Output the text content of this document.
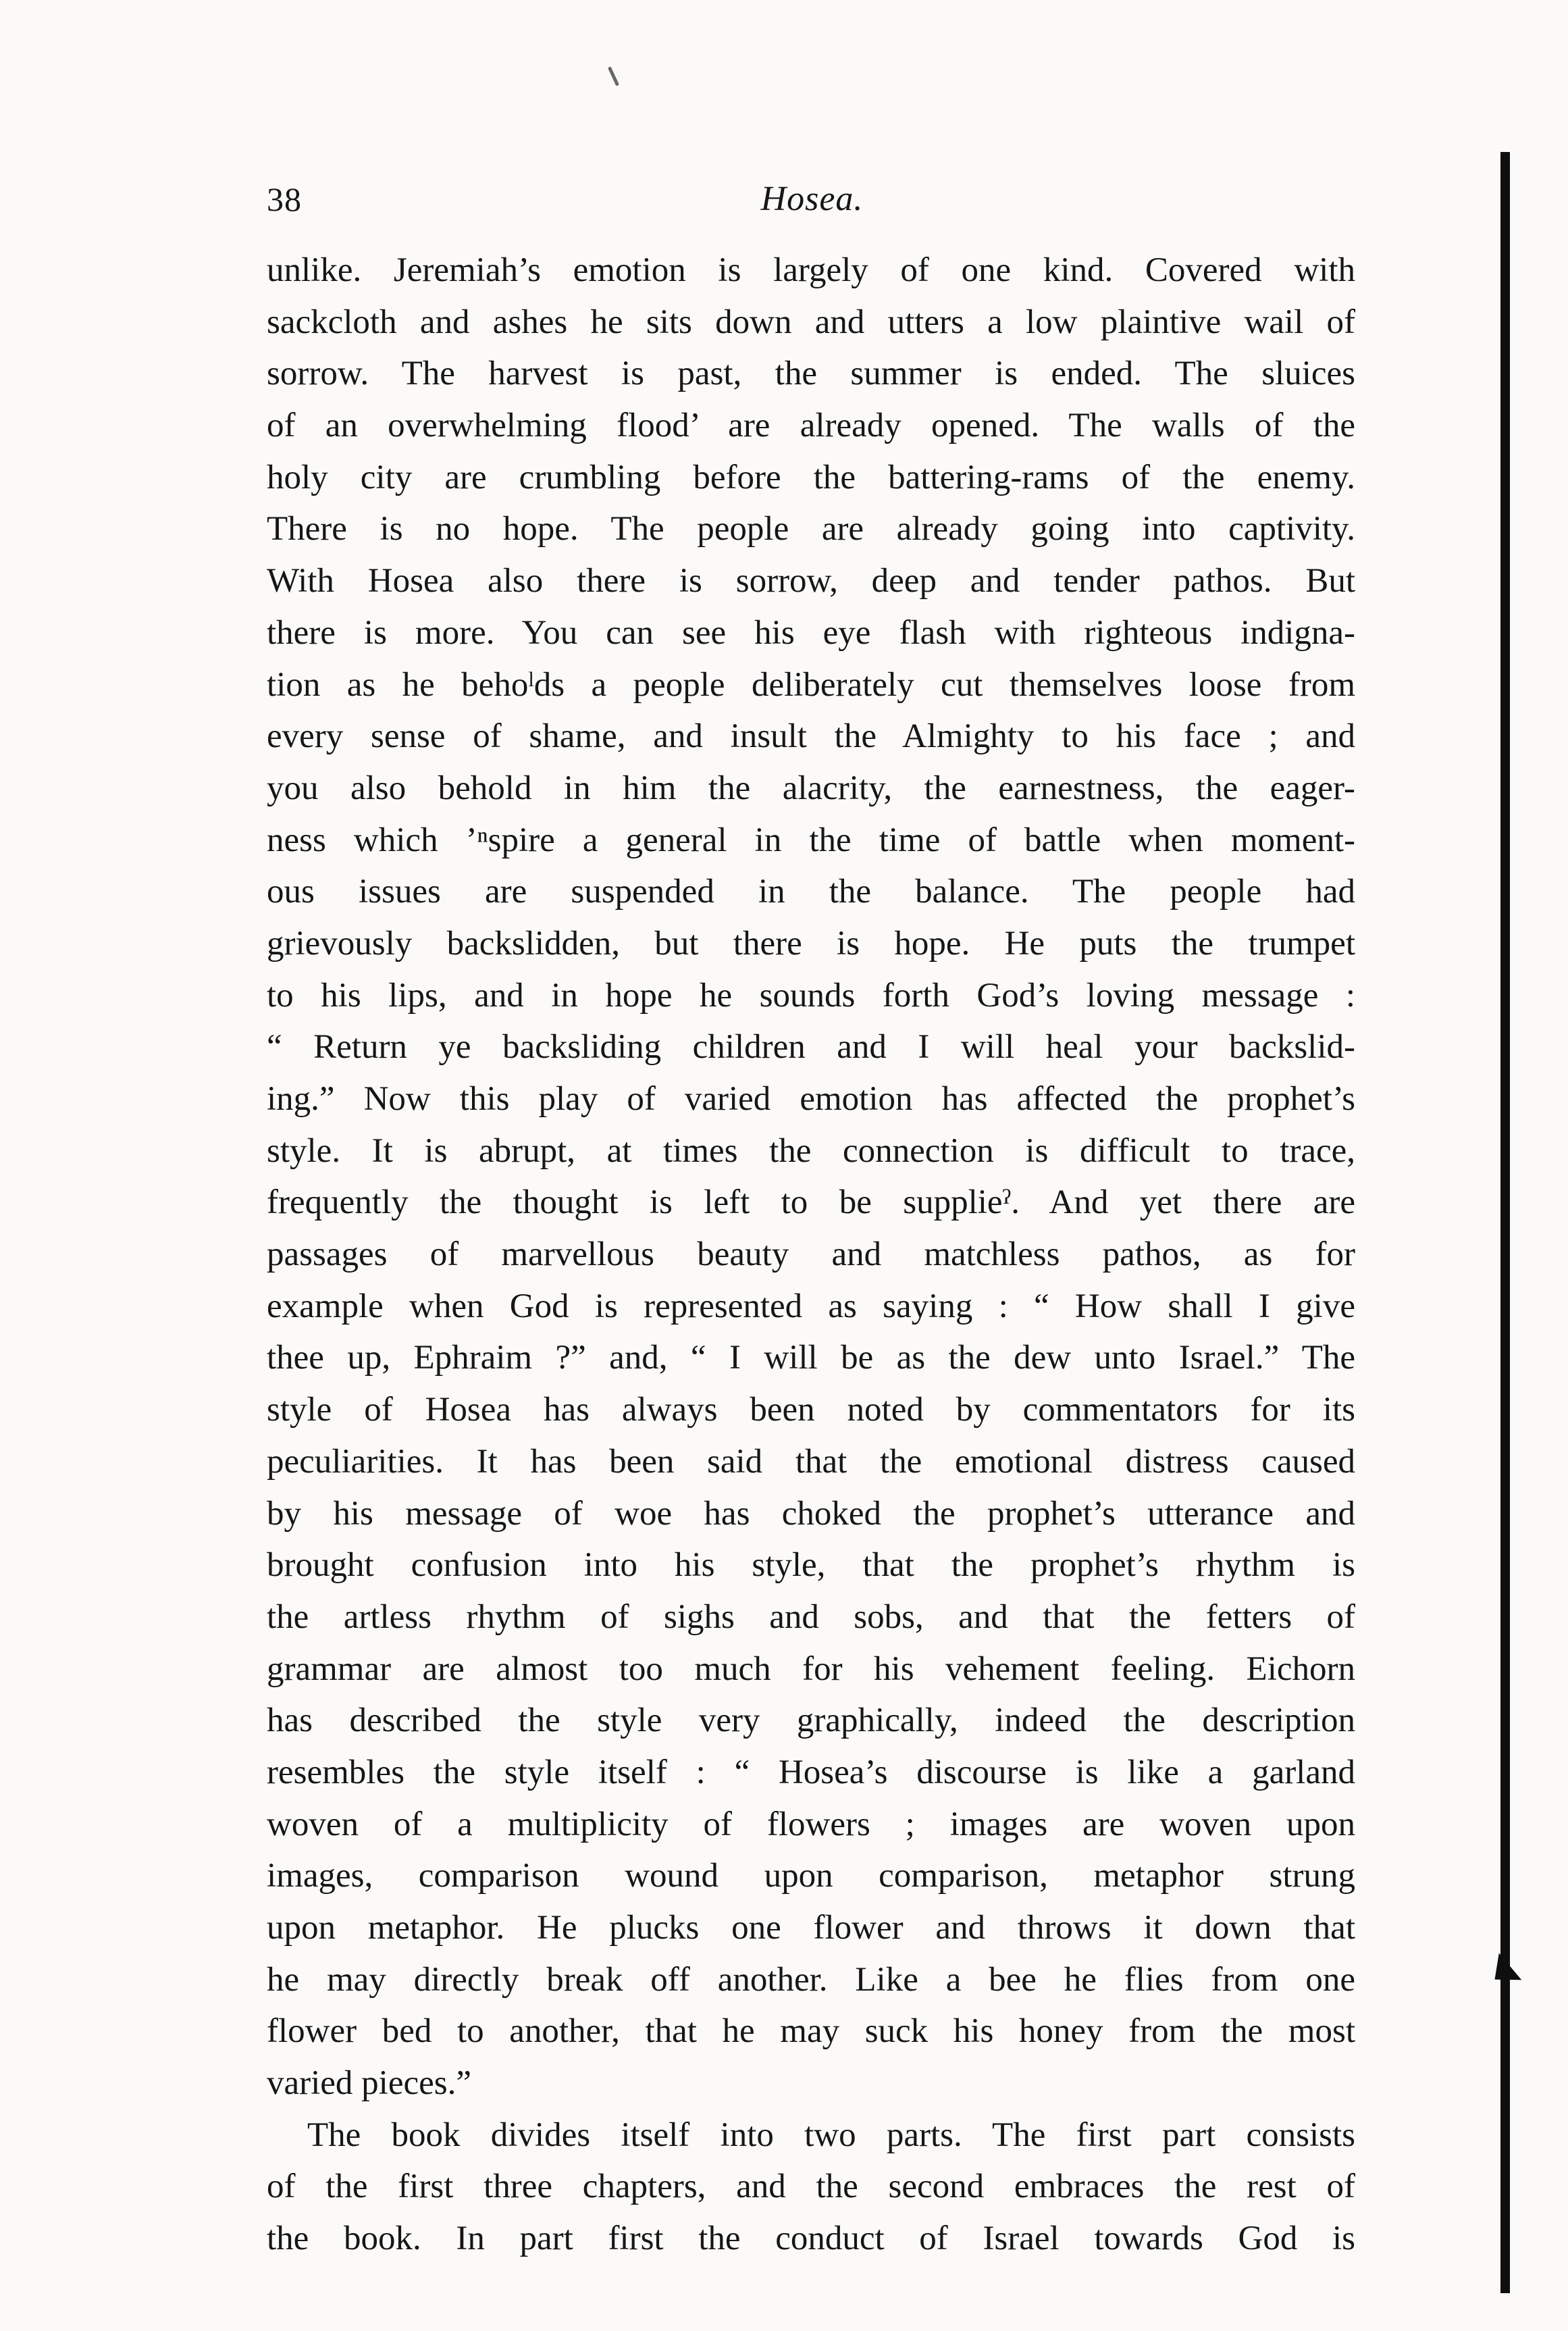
38	Hosea.
unlike. Jeremiah’s emotion is largely of one kind. Covered with
sackcloth and ashes he sits down and utters a low plaintive wail of
sorrow. The harvest is past, the summer is ended. The sluices
of an overwhelming flood’ are already opened. The walls of the
holy city are crumbling before the battering-rams of the enemy.
There is no hope. The people are already going into captivity.
With Hosea also there is sorrow, deep and tender pathos. But
there is more. You can see his eye flash with righteous indigna-
tion as he behoˡds a people deliberately cut themselves loose from
every sense of shame, and insult the Almighty to his face ; and
you also behold in him the alacrity, the earnestness, the eager-
ness which ’ⁿspire a general in the time of battle when moment-
ous issues are suspended in the balance. The people had
grievously backslidden, but there is hope. He puts the trumpet
to his lips, and in hope he sounds forth God’s loving message :
“ Return ye backsliding children and I will heal your backslid-
ing.” Now this play of varied emotion has affected the prophet’s
style. It is abrupt, at times the connection is difficult to trace,
frequently the thought is left to be supplieˀ. And yet there are
passages of marvellous beauty and matchless pathos, as for
example when God is represented as saying : “ How shall I give
thee up, Ephraim ?” and, “ I will be as the dew unto Israel.” The
style of Hosea has always been noted by commentators for its
peculiarities. It has been said that the emotional distress caused
by his message of woe has choked the prophet’s utterance and
brought confusion into his style, that the prophet’s rhythm is
the artless rhythm of sighs and sobs, and that the fetters of
grammar are almost too much for his vehement feeling. Eichorn
has described the style very graphically, indeed the description
resembles the style itself : “ Hosea’s discourse is like a garland
woven of a multiplicity of flowers ; images are woven upon
images, comparison wound upon comparison, metaphor strung
upon metaphor. He plucks one flower and throws it down that
he may directly break off another. Like a bee he flies from one
flower bed to another, that he may suck his honey from the most
varied pieces.”
The book divides itself into two parts. The first part consists
of the first three chapters, and the second embraces the rest of
the book. In part first the conduct of Israel towards God is
